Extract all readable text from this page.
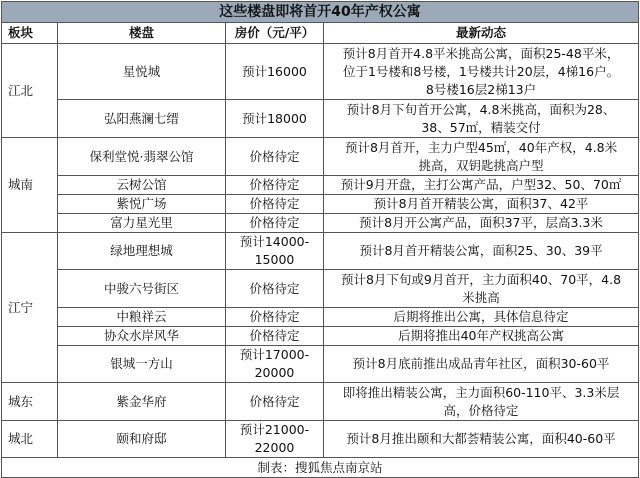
这些楼盘即将首开40年产权公寓			
板块	楼盘	房价（元/平）	最新动态
江北	星悦城	预计16000	预计8月首开4.8平米挑高公寓，面积25-48平米，
位于1号楼和8号楼，1号楼共计20层，4梯16户。
8号楼16层2梯13户

	弘阳燕澜七缙	预计18000	预计8月下旬首开公寓，4.8米挑高，面积为28、
38、57㎡，精装交付

城南	保利堂悦·翡翠公馆	价格待定	预计8月首开，主力户型45㎡，40年产权，4.8米
挑高，双钥匙挑高户型

	云树公馆	价格待定	预计9月开盘，主打公寓产品，户型32、50、70㎡
	紫悦广场	价格待定	预计8月首开精装公寓，面积37、42平
	富力星光里	价格待定	预计8月开公寓产品，面积37平，层高3.3米
江宁	绿地理想城	预计14000-15000	预计8月首开精装公寓，面积25、30、39平
	中骏六号街区	价格待定	预计8月下旬或9月首开，主力面积40、70平，4.8
米挑高

	中粮祥云	价格待定	后期将推出公寓，具体信息待定
	协众水岸风华	价格待定	后期将推出40年产权挑高公寓
	银城一方山	预计17000-20000	预计8月底前推出成品青年社区，面积30-60平
城东	紫金华府	价格待定	即将推出精装公寓，主力面积60-110平、3.3米层
高，价格待定

城北	颐和府邸	预计21000-22000	预计8月推出颐和大都荟精装公寓，面积40-60平
制表：搜狐焦点南京站			
